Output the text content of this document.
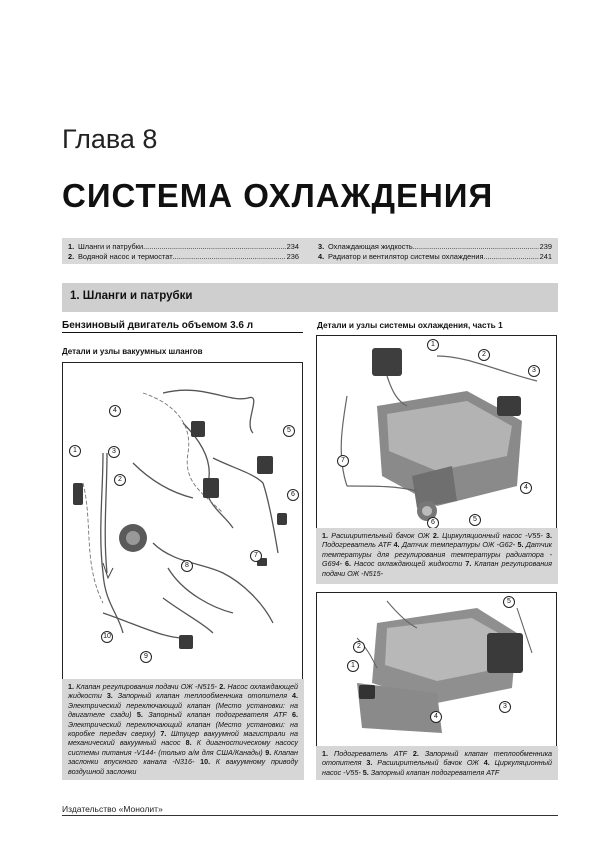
Глава 8
СИСТЕМА ОХЛАЖДЕНИЯ
1. Шланги и патрубки .....	234
2. Водяной насос и термостат .....	236
3. Охлаждающая жидкость .....	239
4. Радиатор и вентилятор системы охлаждения .....	241
1. Шланги и патрубки
Бензиновый двигатель объемом 3.6 л
Детали и узлы вакуумных шлангов
1
2
3
4
5
6
7
8
9
10
1. Клапан регулирования подачи ОЖ -N515- 2. Насос охлаждающей жидкости 3. Запорный клапан теплообменника отопителя 4. Электрический переключающий клапан (Место установки: на двигателе сзади) 5. Запорный клапан подогревателя ATF 6. Электрический переключающий клапан (Место установки: на коробке передач сверху) 7. Штуцер вакуумной магистрали на механический вакуумный насос 8. К диагностическому насосу системы питания -V144- (только а/м для США/Канады) 9. Клапан заслонки впускного канала -N316- 10. К вакуумному приводу воздушной заслонки
Детали и узлы системы охлаждения, часть 1
1
2
3
4
5
6
7
1. Расширительный бачок ОЖ 2. Циркуляционный насос -V55- 3. Подогреватель ATF 4. Датчик температуры ОЖ -G62- 5. Датчик температуры для регулирования температуры радиатора -G694- 6. Насос охлаждающей жидкости 7. Клапан регулирования подачи ОЖ -N515-
1
2
3
4
5
1. Подогреватель ATF 2. Запорный клапан теплообменника отопителя 3. Расширительный бачок ОЖ 4. Циркуляционный насос -V55- 5. Запорный клапан подогревателя ATF
Издательство «Монолит»
